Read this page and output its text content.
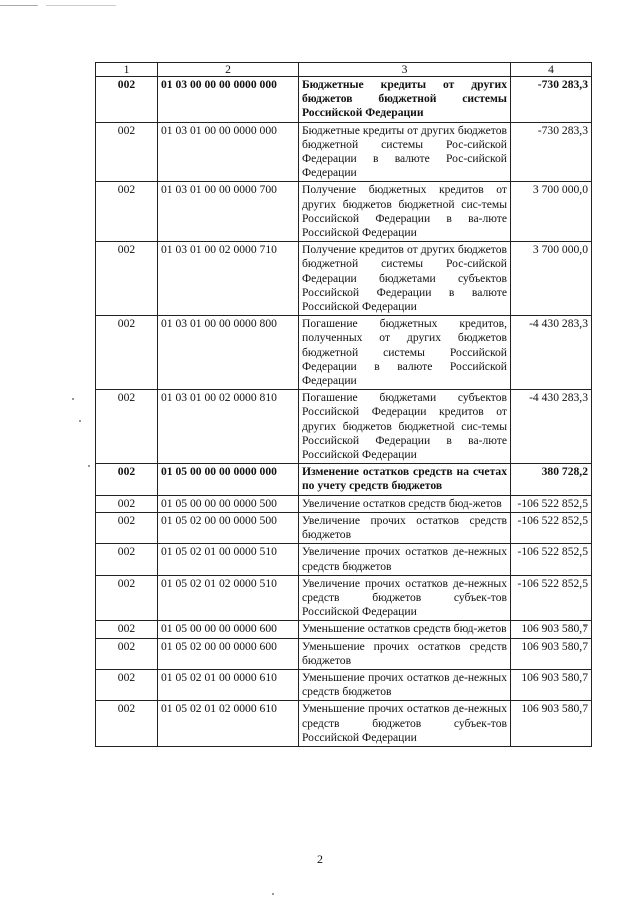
1	2	3	4
002	01 03 00 00 00 0000 000	Бюджетные кредиты от других бюджетов бюджетной системы Российской Федерации	-730 283,3
002	01 03 01 00 00 0000 000	Бюджетные кредиты от других бюджетов бюджетной системы Рос-сийской Федерации в валюте Рос-сийской Федерации	-730 283,3
002	01 03 01 00 00 0000 700	Получение бюджетных кредитов от других бюджетов бюджетной сис-темы Российской Федерации в ва-люте Российской Федерации	3 700 000,0
002	01 03 01 00 02 0000 710	Получение кредитов от других бюджетов бюджетной системы Рос-сийской Федерации бюджетами субъектов Российской Федерации в валюте Российской Федерации	3 700 000,0
002	01 03 01 00 00 0000 800	Погашение бюджетных кредитов, полученных от других бюджетов бюджетной системы Российской Федерации в валюте Российской Федерации	-4 430 283,3
002	01 03 01 00 02 0000 810	Погашение бюджетами субъектов Российской Федерации кредитов от других бюджетов бюджетной сис-темы Российской Федерации в ва-люте Российской Федерации	-4 430 283,3
002	01 05 00 00 00 0000 000	Изменение остатков средств на счетах по учету средств бюджетов	380 728,2
002	01 05 00 00 00 0000 500	Увеличение остатков средств бюд-жетов	-106 522 852,5
002	01 05 02 00 00 0000 500	Увеличение прочих остатков средств бюджетов	-106 522 852,5
002	01 05 02 01 00 0000 510	Увеличение прочих остатков де-нежных средств бюджетов	-106 522 852,5
002	01 05 02 01 02 0000 510	Увеличение прочих остатков де-нежных средств бюджетов субъек-тов Российской Федерации	-106 522 852,5
002	01 05 00 00 00 0000 600	Уменьшение остатков средств бюд-жетов	106 903 580,7
002	01 05 02 00 00 0000 600	Уменьшение прочих остатков средств бюджетов	106 903 580,7
002	01 05 02 01 00 0000 610	Уменьшение прочих остатков де-нежных средств бюджетов	106 903 580,7
002	01 05 02 01 02 0000 610	Уменьшение прочих остатков де-нежных средств бюджетов субъек-тов Российской Федерации	106 903 580,7
2
